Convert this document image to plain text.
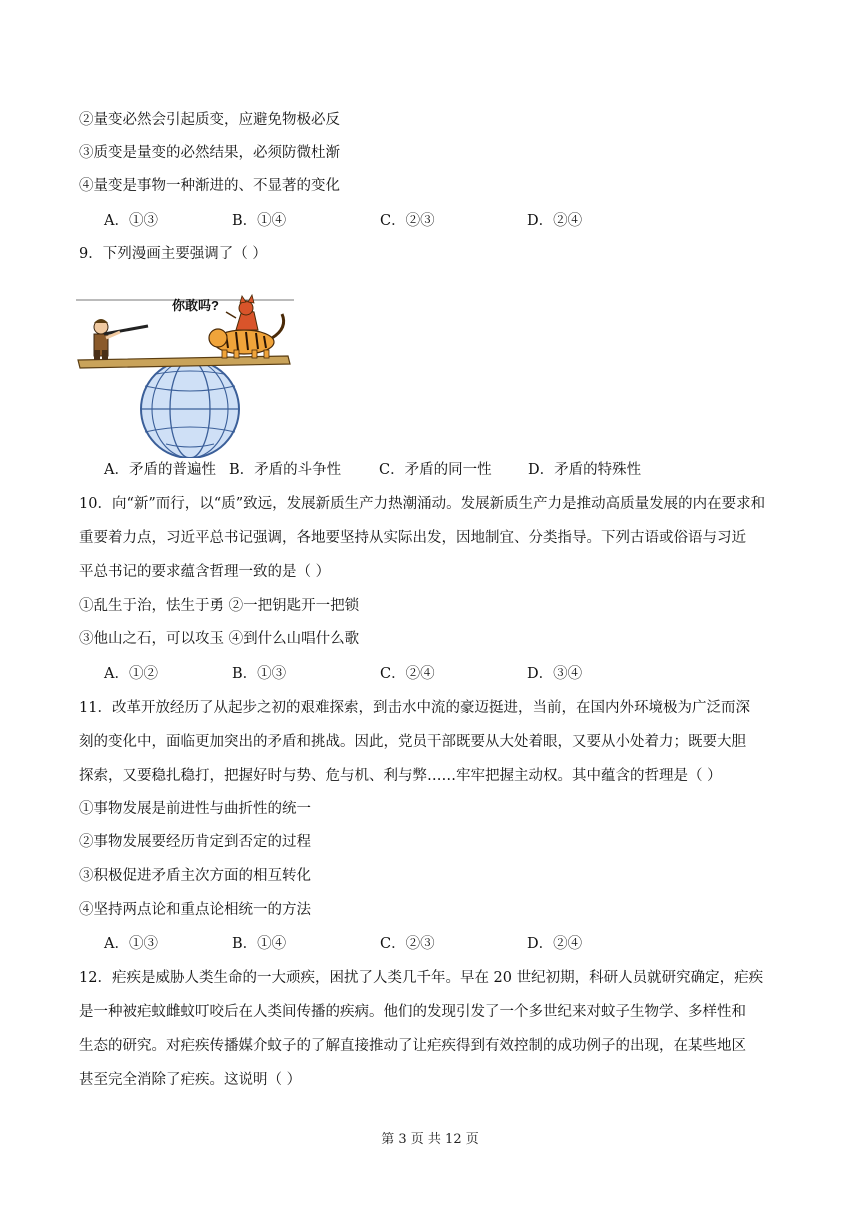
②量变必然会引起质变，应避免物极必反
③质变是量变的必然结果，必须防微杜渐
④量变是事物一种渐进的、不显著的变化
A．①③	B．①④	C．②③	D．②④
9．下列漫画主要强调了（ ）
你敢吗?
A．矛盾的普遍性 B．矛盾的斗争性	C．矛盾的同一性	D．矛盾的特殊性
10．向“新”而行，以“质”致远，发展新质生产力热潮涌动。发展新质生产力是推动高质量发展的内在要求和
重要着力点，习近平总书记强调，各地要坚持从实际出发，因地制宜、分类指导。下列古语或俗语与习近
平总书记的要求蕴含哲理一致的是（ ）
①乱生于治，怯生于勇 ②一把钥匙开一把锁
③他山之石，可以攻玉 ④到什么山唱什么歌
A．①②	B．①③	C．②④	D．③④
11．改革开放经历了从起步之初的艰难探索，到击水中流的豪迈挺进，当前，在国内外环境极为广泛而深
刻的变化中，面临更加突出的矛盾和挑战。因此，党员干部既要从大处着眼，又要从小处着力；既要大胆
探索，又要稳扎稳打，把握好时与势、危与机、利与弊……牢牢把握主动权。其中蕴含的哲理是（ ）
①事物发展是前进性与曲折性的统一
②事物发展要经历肯定到否定的过程
③积极促进矛盾主次方面的相互转化
④坚持两点论和重点论相统一的方法
A．①③	B．①④	C．②③	D．②④
12．疟疾是威胁人类生命的一大顽疾，困扰了人类几千年。早在 20 世纪初期，科研人员就研究确定，疟疾
是一种被疟蚊雌蚊叮咬后在人类间传播的疾病。他们的发现引发了一个多世纪来对蚊子生物学、多样性和
生态的研究。对疟疾传播媒介蚊子的了解直接推动了让疟疾得到有效控制的成功例子的出现，在某些地区
甚至完全消除了疟疾。这说明（ ）
第 3 页 共 12 页
